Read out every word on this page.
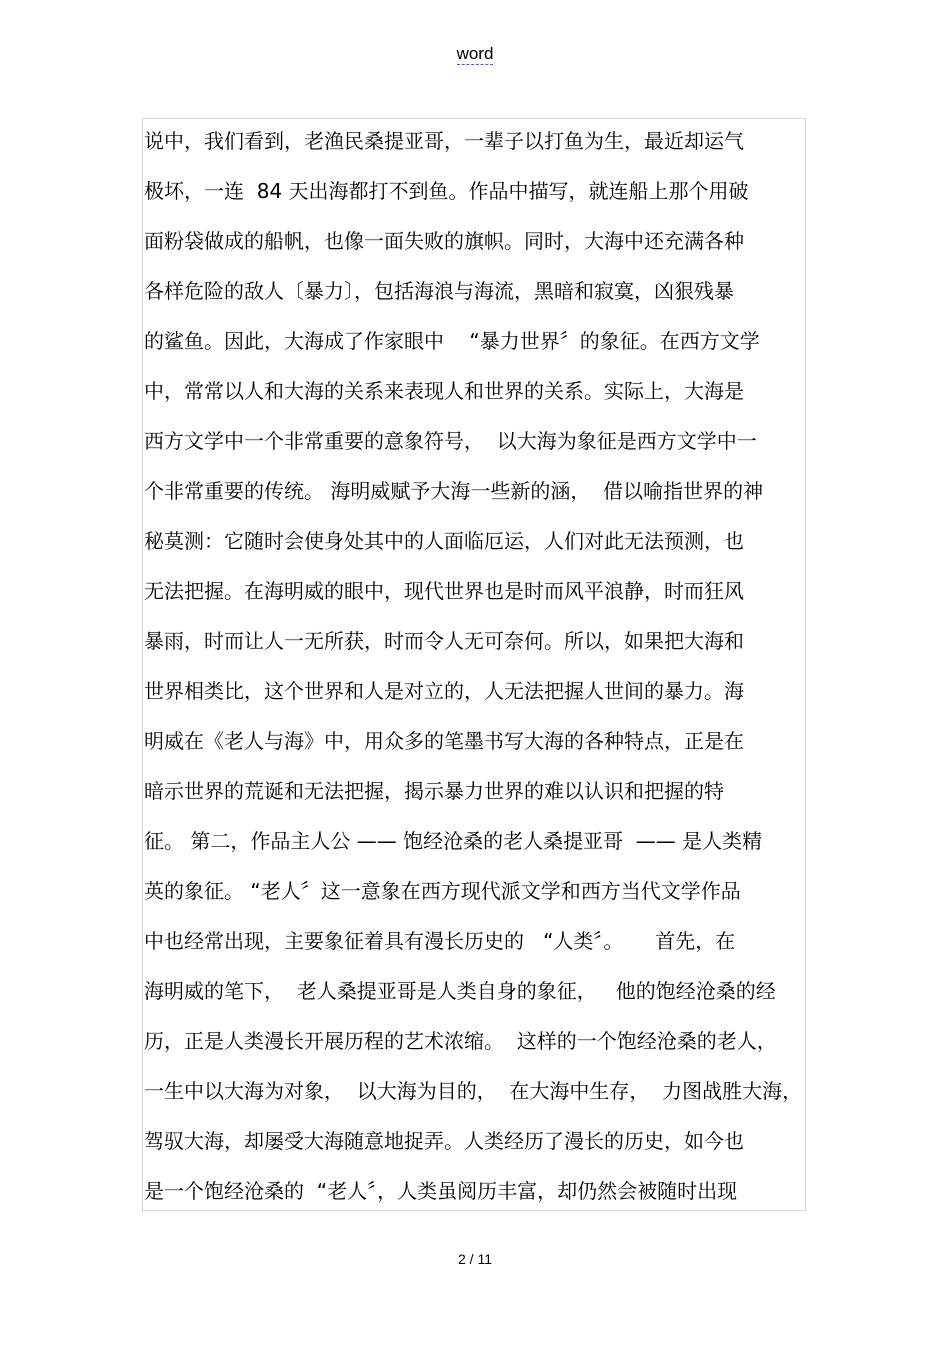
word
说中，我们看到，老渔民桑提亚哥，一辈子以打鱼为生，最近却运气
极坏，一连  84 天出海都打不到鱼。作品中描写，就连船上那个用破
面粉袋做成的船帆，也像一面失败的旗帜。同时，大海中还充满各种
各样危险的敌人〔暴力〕，包括海浪与海流，黑暗和寂寞，凶狠残暴
的鲨鱼。因此，大海成了作家眼中    “暴力世界〞的象征。在西方文学
中，常常以人和大海的关系来表现人和世界的关系。实际上，大海是
西方文学中一个非常重要的意象符号，  以大海为象征是西方文学中一
个非常重要的传统。 海明威赋予大海一些新的涵，  借以喻指世界的神
秘莫测：它随时会使身处其中的人面临厄运，人们对此无法预测，也
无法把握。在海明威的眼中，现代世界也是时而风平浪静，时而狂风
暴雨，时而让人一无所获，时而令人无可奈何。所以，如果把大海和
世界相类比，这个世界和人是对立的，人无法把握人世间的暴力。海
明威在《老人与海》中，用众多的笔墨书写大海的各种特点，正是在
暗示世界的荒诞和无法把握，揭示暴力世界的难以认识和把握的特
征。 第二，作品主人公 —— 饱经沧桑的老人桑提亚哥  —— 是人类精
英的象征。 “老人〞这一意象在西方现代派文学和西方当代文学作品
中也经常出现，主要象征着具有漫长历史的   “人类〞。     首先，在
海明威的笔下，  老人桑提亚哥是人类自身的象征，   他的饱经沧桑的经
历，正是人类漫长开展历程的艺术浓缩。  这样的一个饱经沧桑的老人，
一生中以大海为对象，  以大海为目的，  在大海中生存，  力图战胜大海，
驾驭大海，却屡受大海随意地捉弄。人类经历了漫长的历史，如今也
是一个饱经沧桑的  “老人〞，人类虽阅历丰富，却仍然会被随时出现
2 / 11
